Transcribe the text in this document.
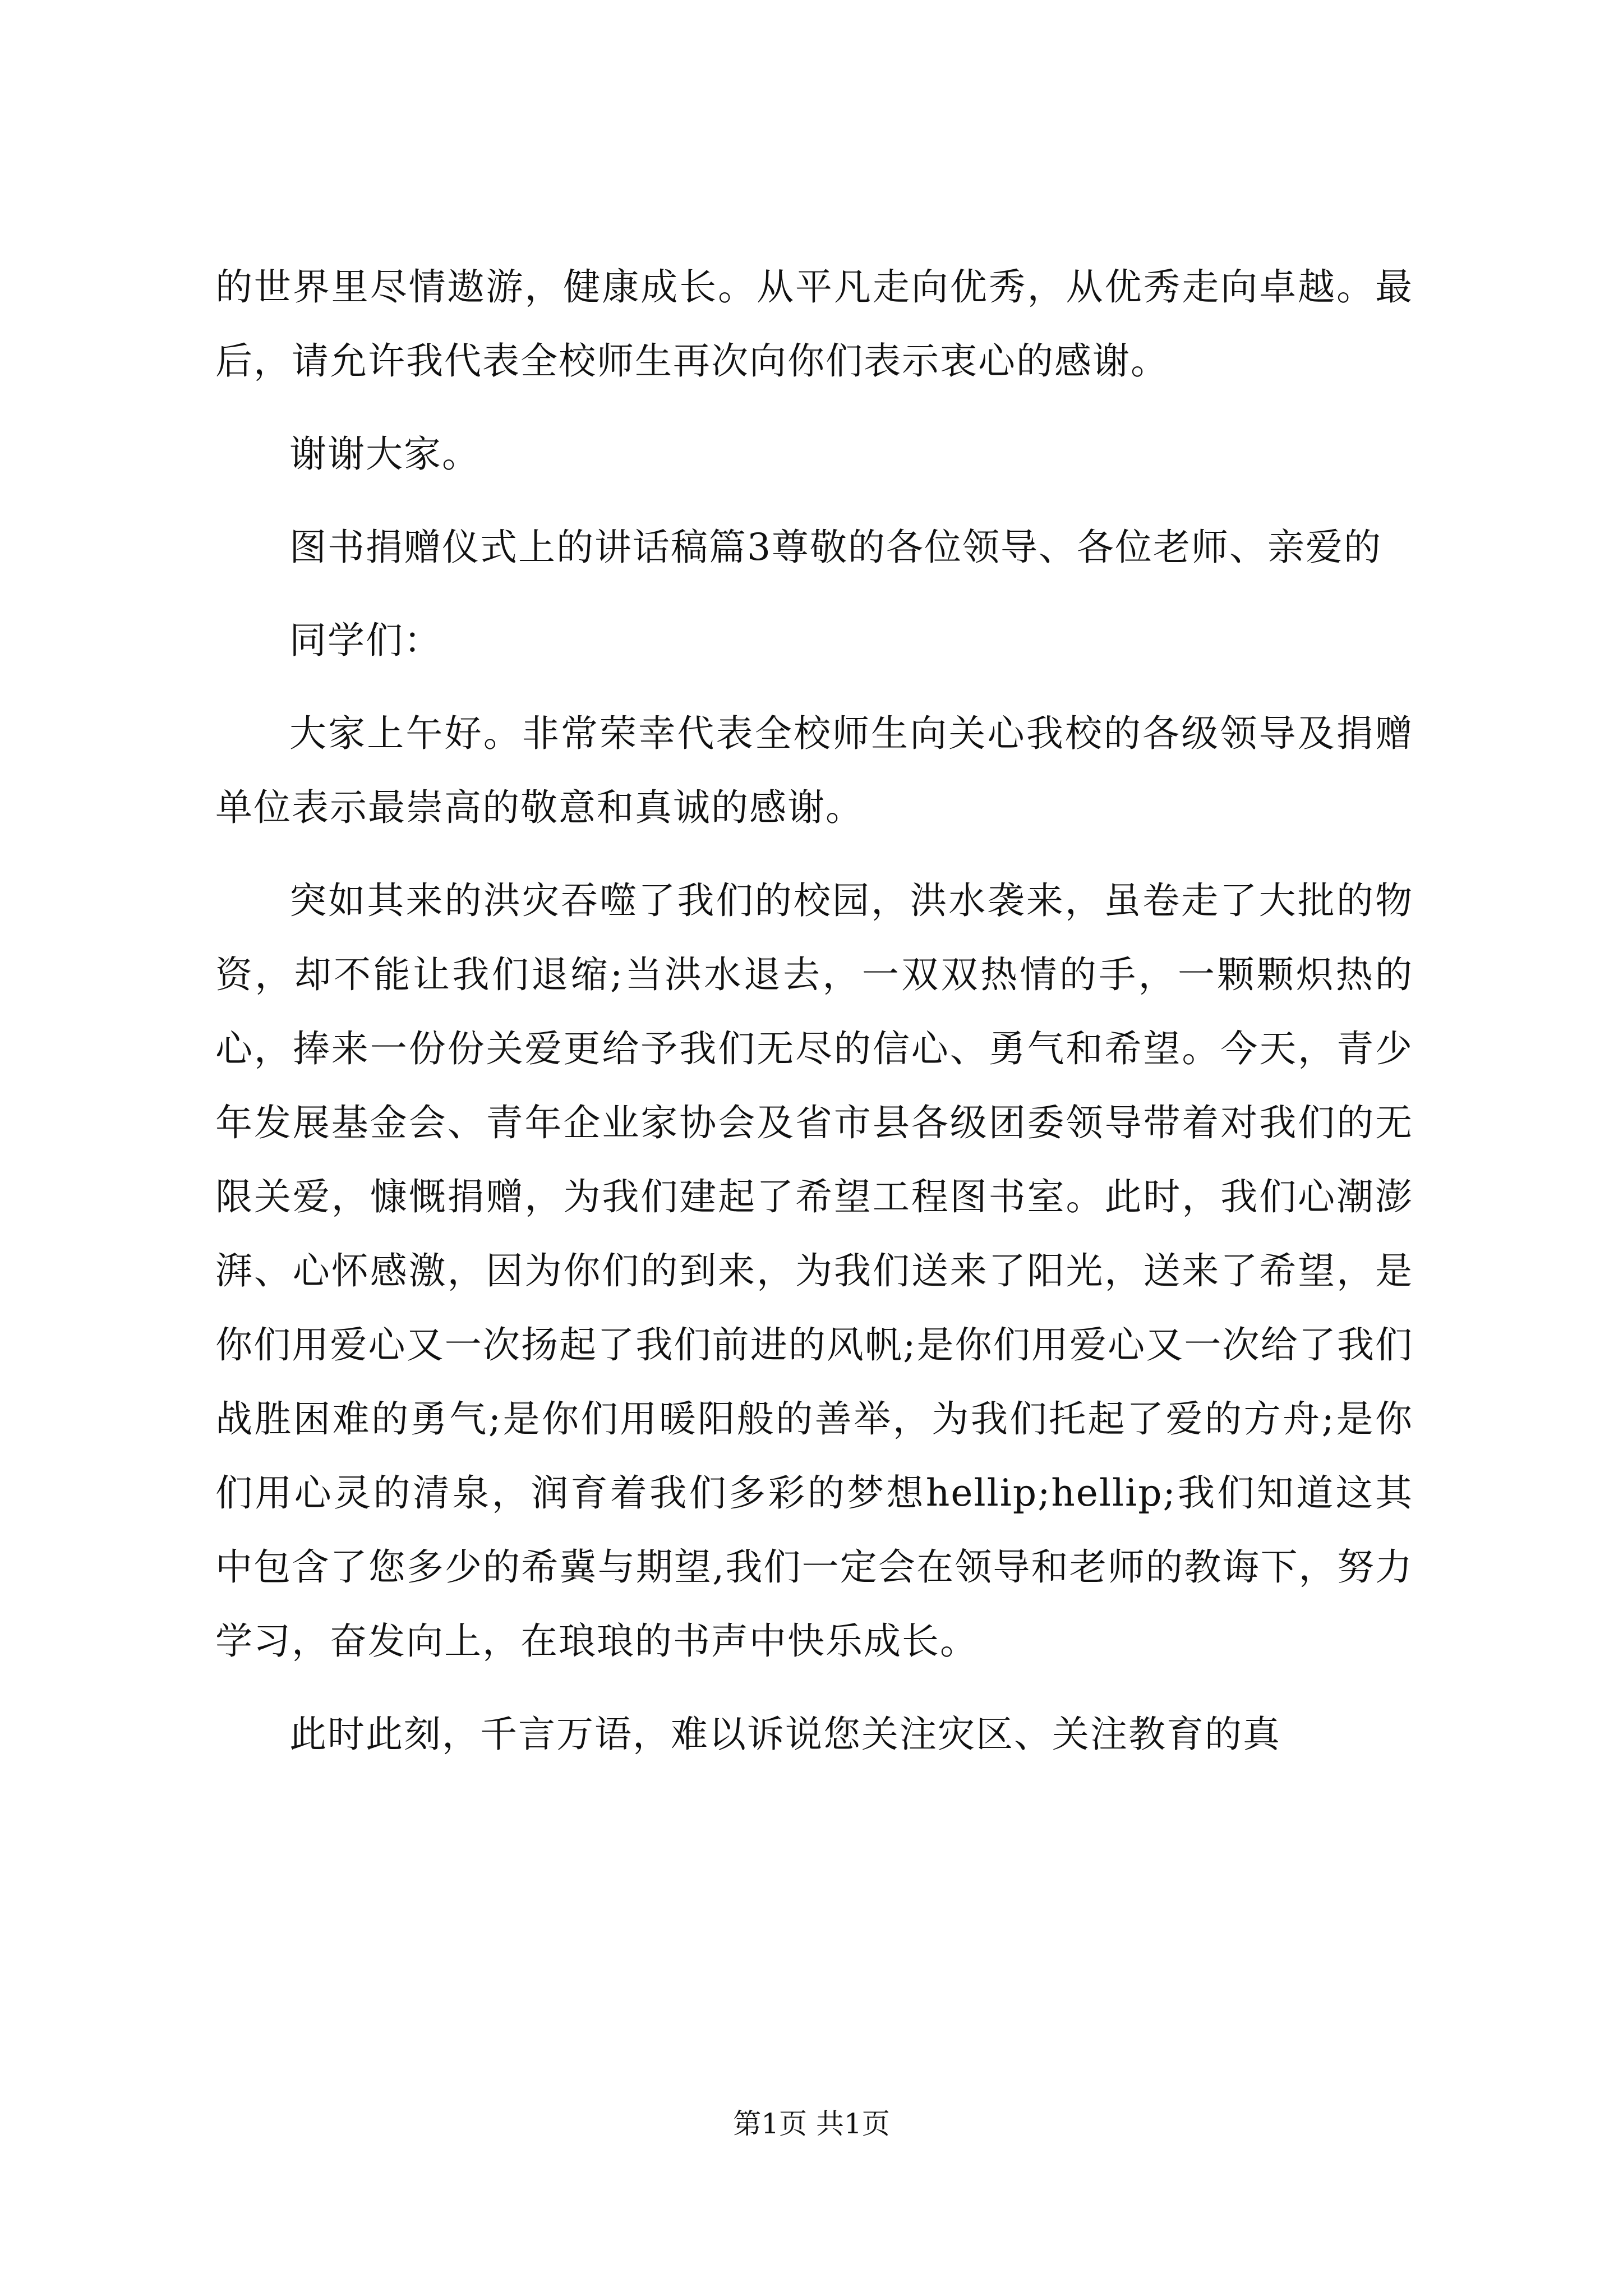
的世界里尽情遨游，健康成长。从平凡走向优秀，从优秀走向卓越。最后，请允许我代表全校师生再次向你们表示衷心的感谢。

谢谢大家。

图书捐赠仪式上的讲话稿篇3尊敬的各位领导、各位老师、亲爱的

同学们：

大家上午好。非常荣幸代表全校师生向关心我校的各级领导及捐赠单位表示最崇高的敬意和真诚的感谢。

突如其来的洪灾吞噬了我们的校园，洪水袭来，虽卷走了大批的物资，却不能让我们退缩;当洪水退去，一双双热情的手，一颗颗炽热的心，捧来一份份关爱更给予我们无尽的信心、勇气和希望。今天，青少年发展基金会、青年企业家协会及省市县各级团委领导带着对我们的无限关爱，慷慨捐赠，为我们建起了希望工程图书室。此时，我们心潮澎湃、心怀感激，因为你们的到来，为我们送来了阳光，送来了希望，是你们用爱心又一次扬起了我们前进的风帆;是你们用爱心又一次给了我们战胜困难的勇气;是你们用暖阳般的善举，为我们托起了爱的方舟;是你们用心灵的清泉，润育着我们多彩的梦想hellip;hellip;我们知道这其中包含了您多少的希冀与期望,我们一定会在领导和老师的教诲下，努力学习，奋发向上，在琅琅的书声中快乐成长。

此时此刻，千言万语，难以诉说您关注灾区、关注教育的真

第1页 共1页
